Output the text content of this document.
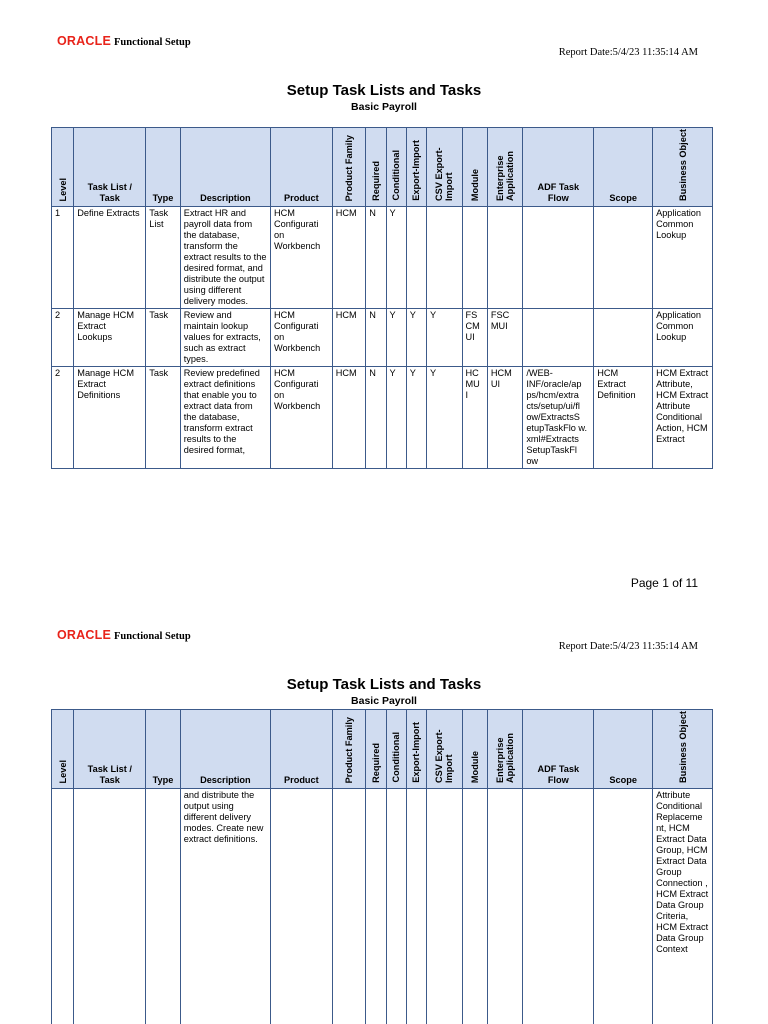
ORACLE Functional Setup
Report Date:5/4/23 11:35:14 AM
Setup Task Lists and Tasks
Basic Payroll
Level	Task List / Task	Type	Description	Product	Product Family	Required	Conditional	Export-Import	CSV Export-Import	Module	Enterprise Application	ADF Task Flow	Scope	Business Object
1	Define Extracts	Task List	Extract HR and payroll data from the database, transform the extract results to the desired format, and distribute the output using different delivery modes.	HCM Configurati on Workbench	HCM	N	Y							Application Common Lookup
2	Manage HCM Extract Lookups	Task	Review and maintain lookup values for extracts, such as extract types.	HCM Configurati on Workbench	HCM	N	Y	Y	Y	FS CM UI	FSC MUI			Application Common Lookup
2	Manage HCM Extract Definitions	Task	Review predefined extract definitions that enable you to extract data from the database, transform extract results to the desired format,	HCM Configurati on Workbench	HCM	N	Y	Y	Y	HC MU I	HCM UI	/WEB-INF/oracle/ap ps/hcm/extra cts/setup/ui/fl ow/ExtractsS etupTaskFlo w. xml#Extracts SetupTaskFl ow	HCM Extract Definition	HCM Extract Attribute, HCM Extract Attribute Conditional Action, HCM Extract
Page 1 of 11
ORACLE Functional Setup
Report Date:5/4/23 11:35:14 AM
Setup Task Lists and Tasks
Basic Payroll
Level	Task List / Task	Type	Description	Product	Product Family	Required	Conditional	Export-Import	CSV Export-Import	Module	Enterprise Application	ADF Task Flow	Scope	Business Object
			and distribute the output using different delivery modes. Create new extract definitions.											Attribute Conditional Replaceme nt, HCM Extract Data Group, HCM Extract Data Group Connection , HCM Extract Data Group Criteria, HCM Extract Data Group Context
